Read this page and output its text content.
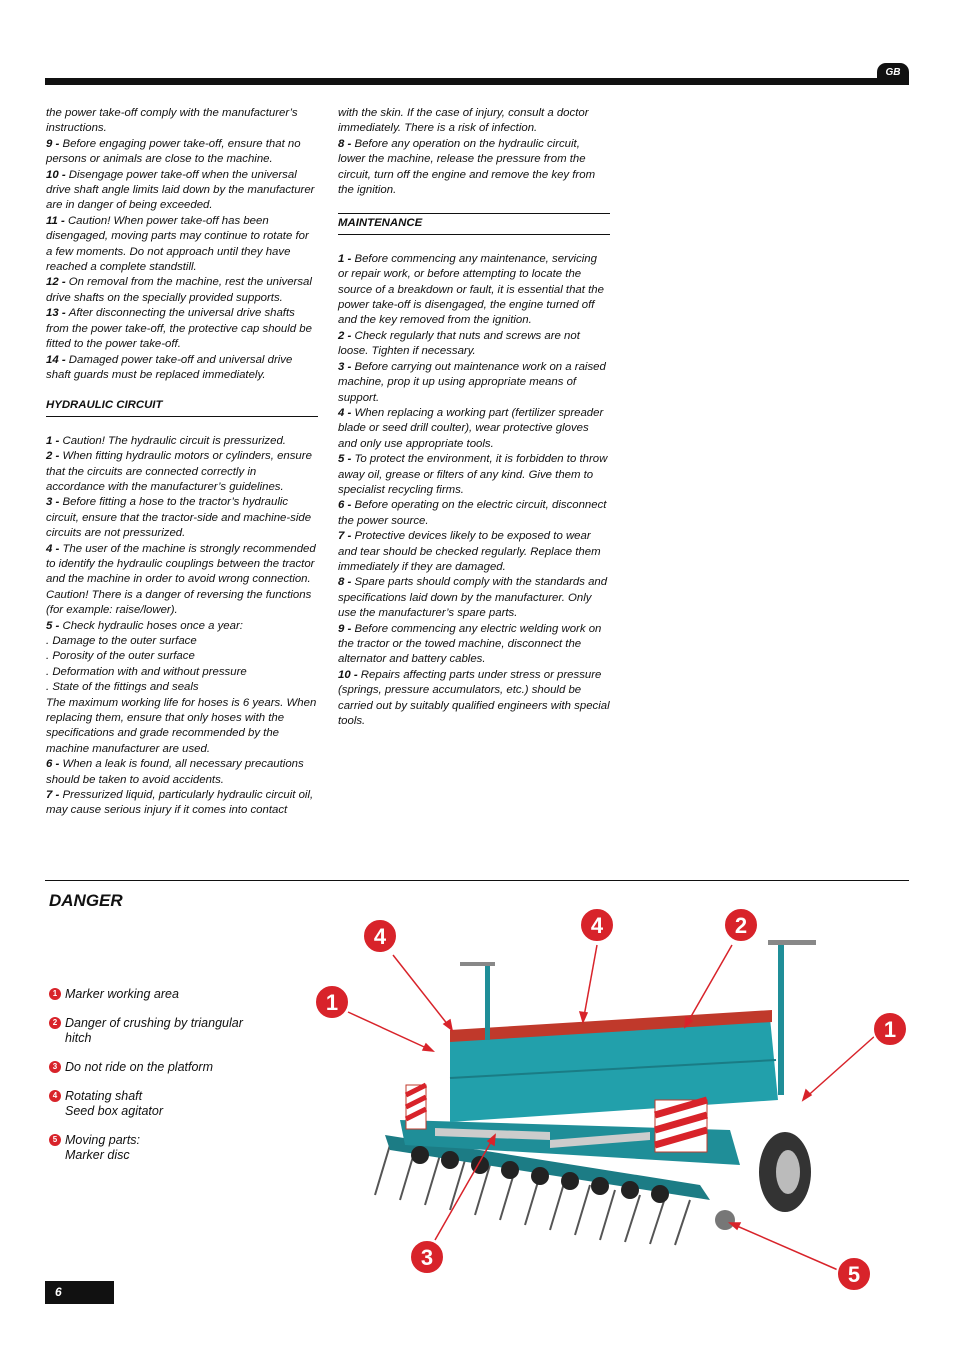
GB

the power take-off comply with the manufacturer’s instructions.

9 - Before engaging power take-off, ensure that no persons or animals are close to the machine.

10 - Disengage power take-off when the universal drive shaft angle limits laid down by the manufacturer are in danger of being exceeded.

11 - Caution! When power take-off has been disengaged, moving parts may continue to rotate for a few moments. Do not approach until they have reached a complete standstill.

12 - On removal from the machine, rest the universal drive shafts on the specially provided supports.

13 - After disconnecting the universal drive shafts from the power take-off, the protective cap should be fitted to the power take-off.

14 - Damaged power take-off and universal drive shaft guards must be replaced immediately.

HYDRAULIC CIRCUIT

1 - Caution! The hydraulic circuit is pressurized.

2 - When fitting hydraulic motors or cylinders, ensure that the circuits are connected correctly in accordance with the manufacturer’s guidelines.

3 - Before fitting a hose to the tractor’s hydraulic circuit, ensure that the tractor-side and machine-side circuits are not pressurized.

4 - The user of the machine is strongly recommended to identify the hydraulic couplings between the tractor and the machine in order to avoid wrong connection. Caution! There is a danger of reversing the functions (for example: raise/lower).

5 - Check hydraulic hoses once a year:

. Damage to the outer surface

. Porosity of the outer surface

. Deformation with and without pressure

. State of the fittings and seals

The maximum working life for hoses is 6 years. When replacing them, ensure that only hoses with the specifications and grade recommended by the machine manufacturer are used.

6 - When a leak is found, all necessary precautions should be taken to avoid accidents.

7 - Pressurized liquid, particularly hydraulic circuit oil, may cause serious injury if it comes into contact

with the skin. If the case of injury, consult a doctor immediately. There is a risk of infection.

8 - Before any operation on the hydraulic circuit, lower the machine, release the pressure from the circuit, turn off the engine and remove the key from the ignition.

MAINTENANCE

1 - Before commencing any maintenance, servicing or repair work, or before attempting to locate the source of a breakdown or fault, it is essential that the power take-off is disengaged, the engine turned off and the key removed from the ignition.

2 - Check regularly that nuts and screws are not loose. Tighten if necessary.

3 - Before carrying out maintenance work on a raised machine, prop it up using appropriate means of support.

4 - When replacing a working part (fertilizer spreader blade or seed drill coulter), wear protective gloves and only use appropriate tools.

5 - To protect the environment, it is forbidden to throw away oil, grease or filters of any kind. Give them to specialist recycling firms.

6 - Before operating on the electric circuit, disconnect the power source.

7 - Protective devices likely to be exposed to wear and tear should be checked regularly. Replace them immediately if they are damaged.

8 - Spare parts should comply with the standards and specifications laid down by the manufacturer. Only use the manufacturer’s spare parts.

9 - Before commencing any electric welding work on the tractor or the towed machine, disconnect the alternator and battery cables.

10 - Repairs affecting parts under stress or pressure (springs, pressure accumulators, etc.) should be carried out by suitably qualified engineers with special tools.

DANGER
1 Marker working area
2 Danger of crushing by triangular
hitch
3 Do not ride on the platform
4 Rotating shaft
Seed box agitator
5 Moving parts:
Marker disc
4	4	2
1
1
3
5
6
